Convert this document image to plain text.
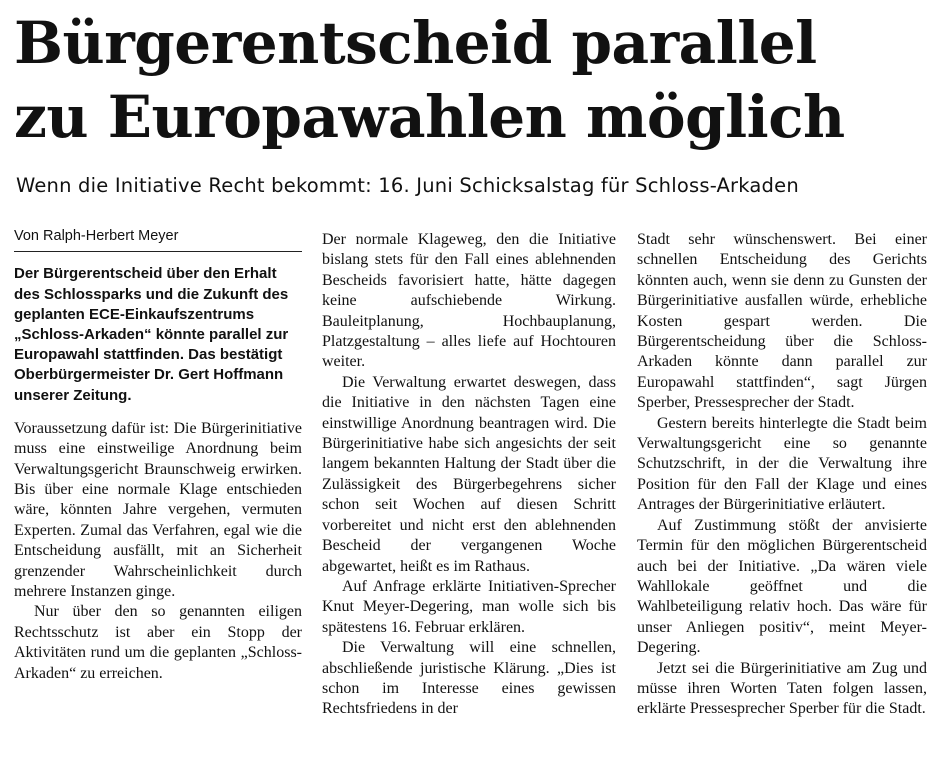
Bürgerentscheid parallel
zu Europawahlen möglich
Wenn die Initiative Recht bekommt: 16. Juni Schicksalstag für Schloss-Arkaden
Von Ralph-Herbert Meyer
Der Bürgerentscheid über den Erhalt des Schlossparks und die Zukunft des geplanten ECE-Einkaufszentrums „Schloss-Arkaden“ könnte parallel zur Europawahl stattfinden. Das bestätigt Oberbürgermeister Dr. Gert Hoffmann unserer Zeitung.

Voraussetzung dafür ist: Die Bürgerinitiative muss eine einstweilige Anordnung beim Verwaltungsgericht Braunschweig erwirken. Bis über eine normale Klage entschieden wäre, könnten Jahre vergehen, vermuten Experten. Zumal das Verfahren, egal wie die Entscheidung ausfällt, mit an Sicherheit grenzender Wahrscheinlichkeit durch mehrere Instanzen ginge.

Nur über den so genannten eiligen Rechtsschutz ist aber ein Stopp der Aktivitäten rund um die geplanten „Schloss-Arkaden“ zu erreichen.

Der normale Klageweg, den die Initiative bislang stets für den Fall eines ablehnenden Bescheids favorisiert hatte, hätte dagegen keine aufschiebende Wirkung. Bauleitplanung, Hochbauplanung, Platzgestaltung – alles liefe auf Hochtouren weiter.

Die Verwaltung erwartet deswegen, dass die Initiative in den nächsten Tagen eine einstwillige Anordnung beantragen wird. Die Bürgerinitiative habe sich angesichts der seit langem bekannten Haltung der Stadt über die Zulässigkeit des Bürgerbegehrens sicher schon seit Wochen auf diesen Schritt vorbereitet und nicht erst den ablehnenden Bescheid der vergangenen Woche abgewartet, heißt es im Rathaus.

Auf Anfrage erklärte Initiativen-Sprecher Knut Meyer-Degering, man wolle sich bis spätestens 16. Februar erklären.

Die Verwaltung will eine schnellen, abschließende juristische Klärung. „Dies ist schon im Interesse eines gewissen Rechtsfriedens in der

Stadt sehr wünschenswert. Bei einer schnellen Entscheidung des Gerichts könnten auch, wenn sie denn zu Gunsten der Bürgerinitiative ausfallen würde, erhebliche Kosten gespart werden. Die Bürgerentscheidung über die Schloss-Arkaden könnte dann parallel zur Europawahl stattfinden“, sagt Jürgen Sperber, Pressesprecher der Stadt.

Gestern bereits hinterlegte die Stadt beim Verwaltungsgericht eine so genannte Schutzschrift, in der die Verwaltung ihre Position für den Fall der Klage und eines Antrages der Bürgerinitiative erläutert.

Auf Zustimmung stößt der anvisierte Termin für den möglichen Bürgerentscheid auch bei der Initiative. „Da wären viele Wahllokale geöffnet und die Wahlbeteiligung relativ hoch. Das wäre für unser Anliegen positiv“, meint Meyer-Degering.

Jetzt sei die Bürgerinitiative am Zug und müsse ihren Worten Taten folgen lassen, erklärte Pressesprecher Sperber für die Stadt.
